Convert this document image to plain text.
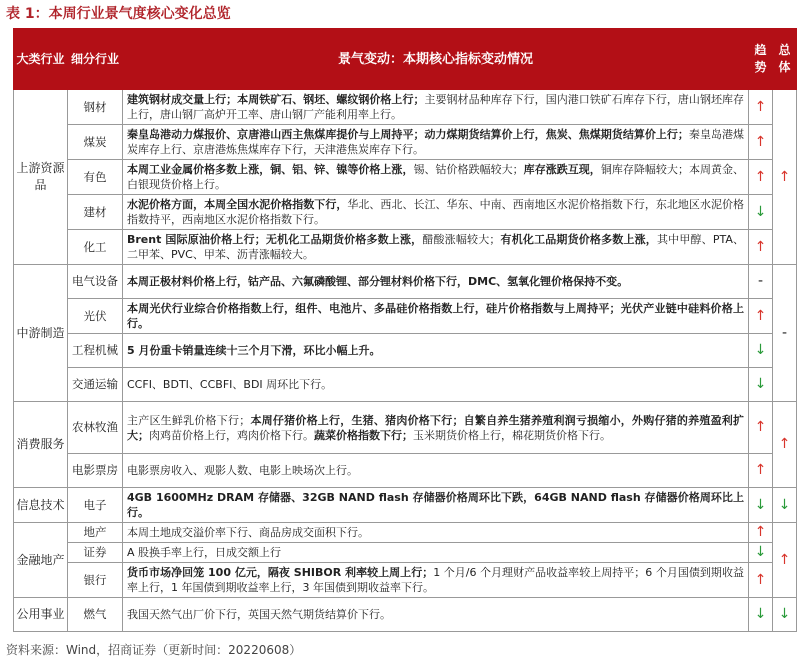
表 1：本周行业景气度核心变化总览
大类行业	细分行业	景气变动：本期核心指标变动情况	趋势	总体
上游资源品	钢材	建筑钢材成交量上行；本周铁矿石、钢坯、螺纹钢价格上行；主要钢材品种库存下行，国内港口铁矿石库存下行，唐山钢坯库存上行，唐山钢厂高炉开工率、唐山钢厂产能利用率上行。	↑	↑
	煤炭	秦皇岛港动力煤报价、京唐港山西主焦煤库提价与上周持平；动力煤期货结算价上行，焦炭、焦煤期货结算价上行；秦皇岛港煤炭库存上行、京唐港炼焦煤库存下行，天津港焦炭库存下行。	↑	
	有色	本周工业金属价格多数上涨，铜、铝、锌、镍等价格上涨，锡、钴价格跌幅较大；库存涨跌互现，铜库存降幅较大；本周黄金、白银现货价格上行。	↑	
	建材	水泥价格方面，本周全国水泥价格指数下行，华北、西北、长江、华东、中南、西南地区水泥价格指数下行，东北地区水泥价格指数持平，西南地区水泥价格指数下行。	↓	
	化工	Brent 国际原油价格上行；无机化工品期货价格多数上涨，醋酸涨幅较大；有机化工品期货价格多数上涨，其中甲醇、PTA、二甲苯、PVC、甲苯、沥青涨幅较大。	↑	
中游制造	电气设备	本周正极材料价格上行，钴产品、六氟磷酸锂、部分锂材料价格下行，DMC、氢氧化锂价格保持不变。	-	-
	光伏	本周光伏行业综合价格指数上行，组件、电池片、多晶硅价格指数上行，硅片价格指数与上周持平；光伏产业链中硅料价格上行。	↑	
	工程机械	5 月份重卡销量连续十三个月下滑，环比小幅上升。	↓	
	交通运输	CCFI、BDTI、CCBFI、BDI 周环比下行。	↓	
消费服务	农林牧渔	主产区生鲜乳价格下行；本周仔猪价格上行，生猪、猪肉价格下行；自繁自养生猪养殖利润亏损缩小，外购仔猪的养殖盈利扩大；肉鸡苗价格上行，鸡肉价格下行。蔬菜价格指数下行；玉米期货价格上行，棉花期货价格下行。	↑	↑
	电影票房	电影票房收入、观影人数、电影上映场次上行。	↑	
信息技术	电子	4GB 1600MHz DRAM 存储器、32GB NAND flash 存储器价格周环比下跌，64GB NAND flash 存储器价格周环比上行。	↓	↓
金融地产	地产	本周土地成交溢价率下行、商品房成交面积下行。	↑	↑
	证券	A 股换手率上行，日成交额上行	↓	
	银行	货币市场净回笼 100 亿元，隔夜 SHIBOR 利率较上周上行；1 个月/6 个月理财产品收益率较上周持平；6 个月国债到期收益率上行，1 年国债到期收益率上行，3 年国债到期收益率下行。	↑	
公用事业	燃气	我国天然气出厂价下行，英国天然气期货结算价下行。	↓	↓
资料来源：Wind，招商证券（更新时间：20220608）
